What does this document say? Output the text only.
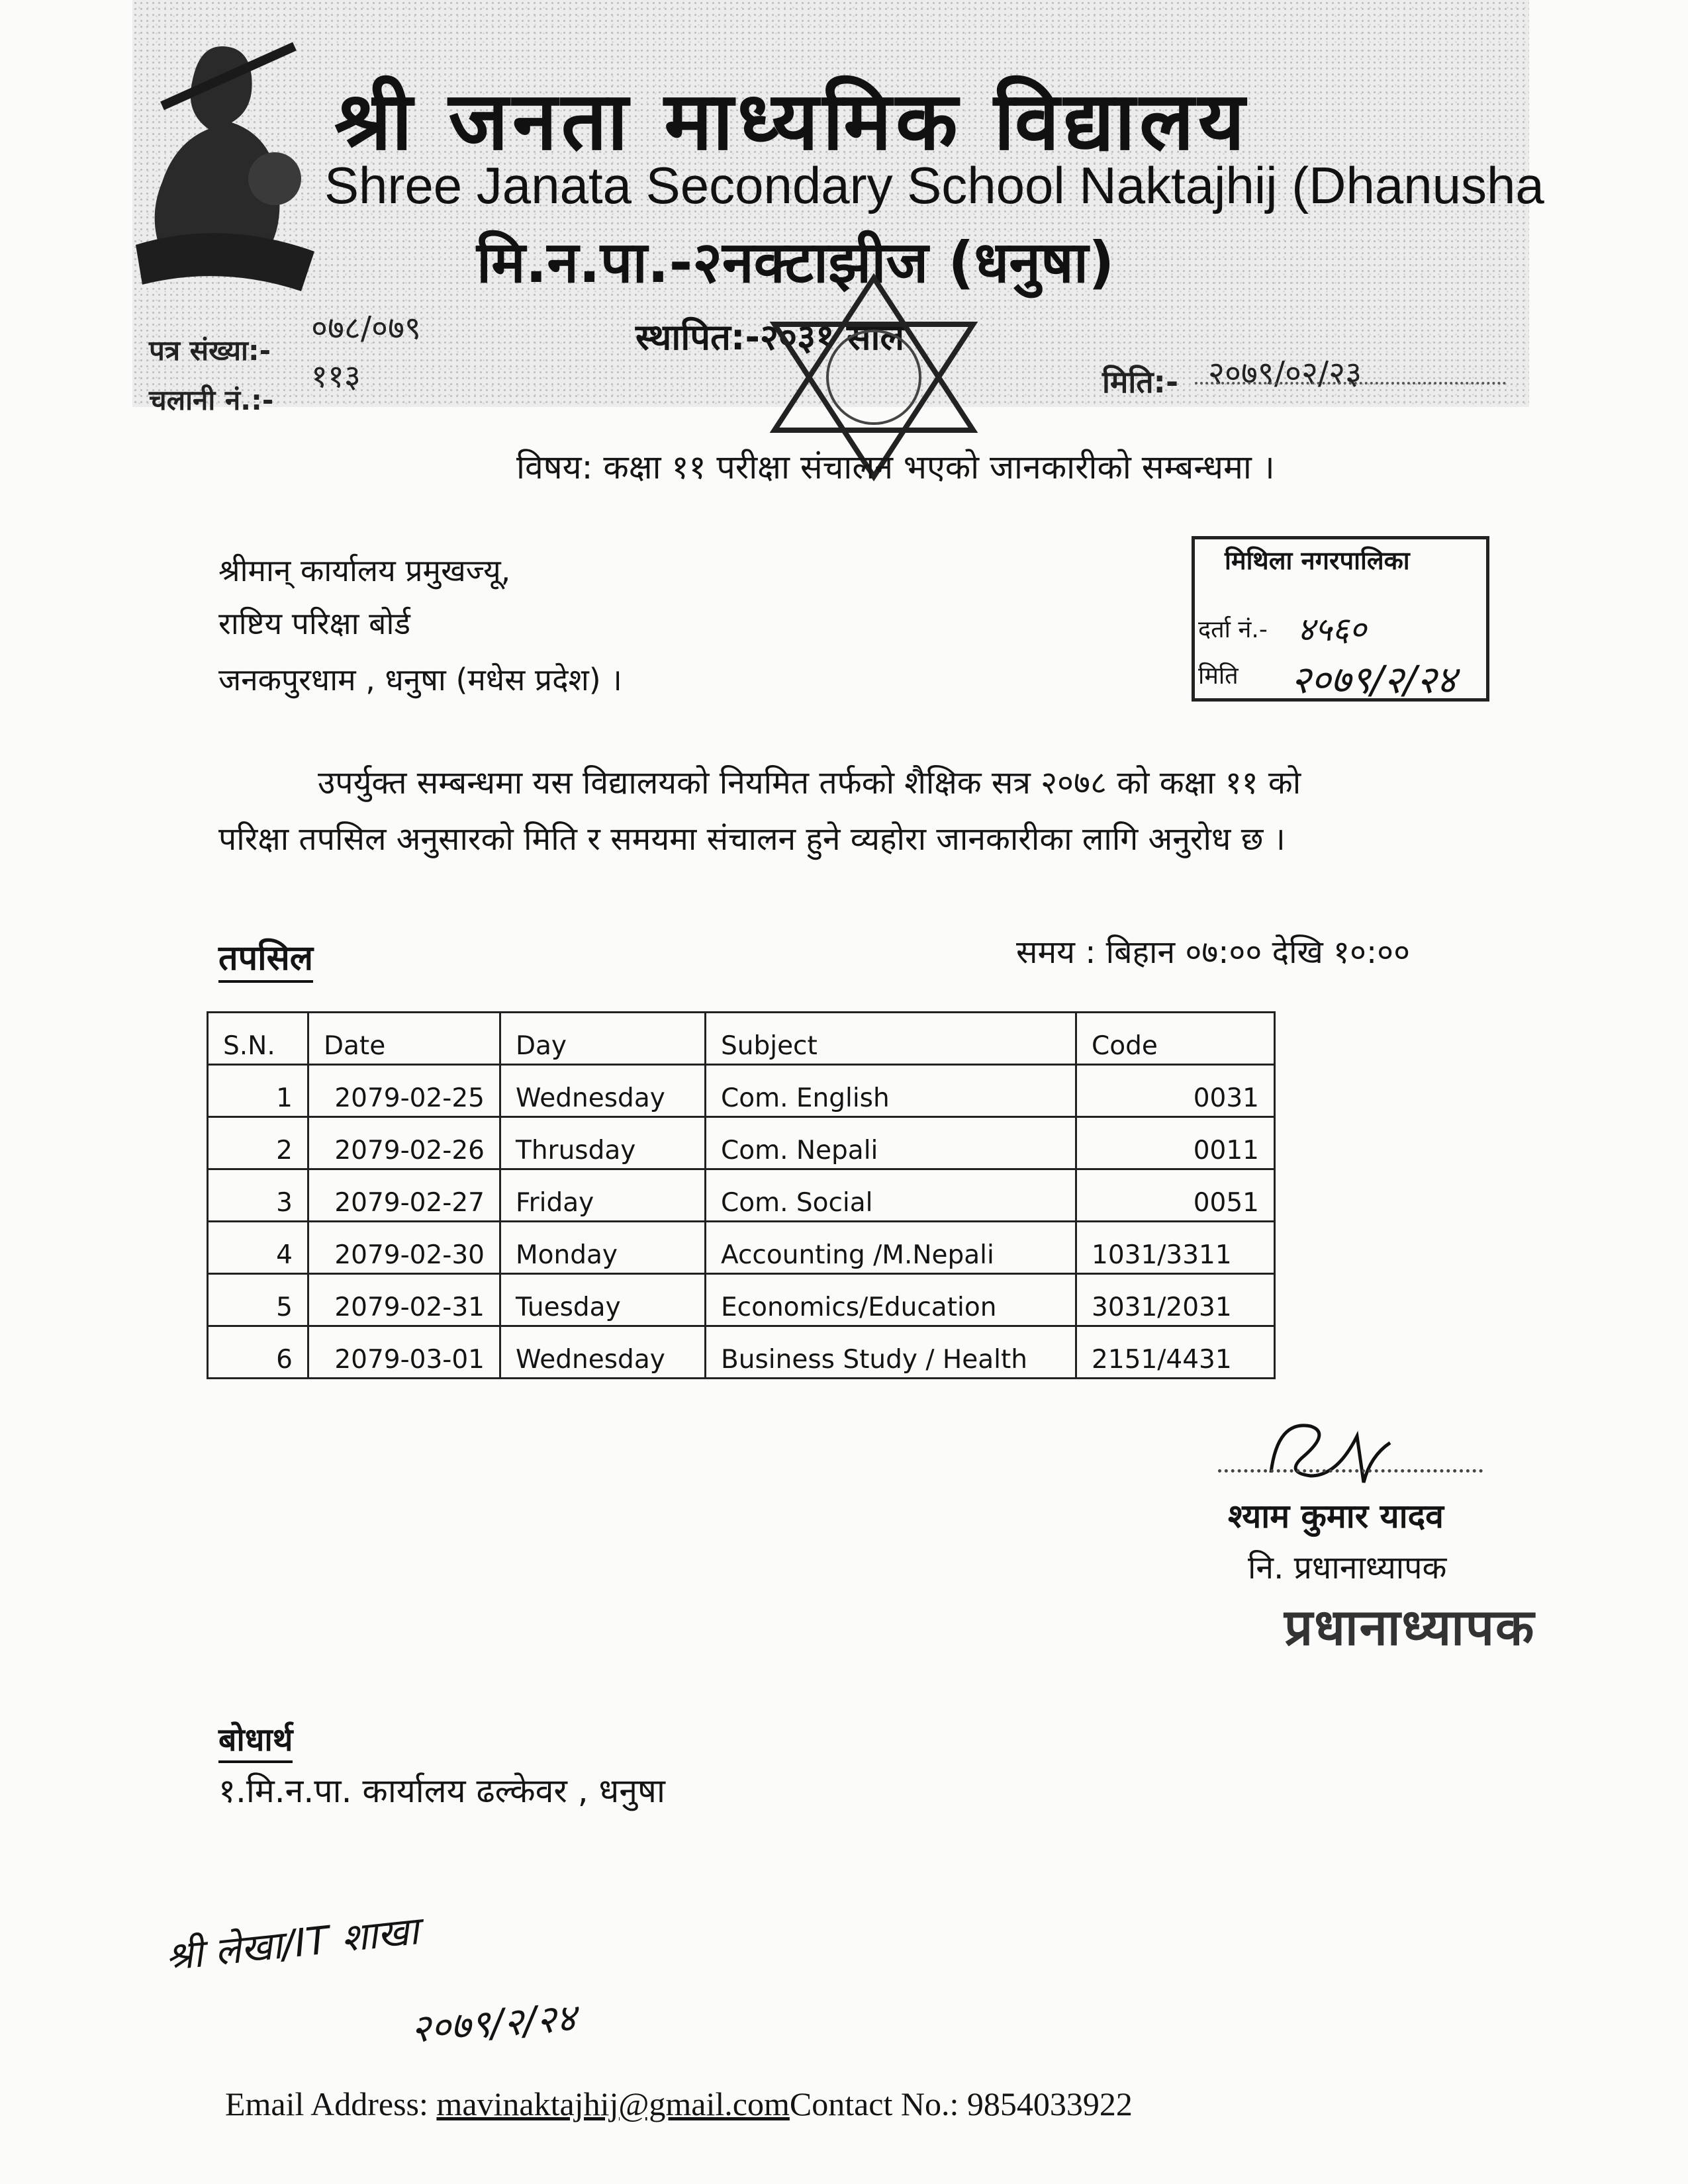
श्री जनता माध्यमिक विद्यालय
Shree Janata Secondary School Naktajhij (Dhanusha
मि.न.पा.-२नक्टाझीज (धनुषा)
पत्र संख्या:-
०७८/०७९
चलानी नं.:-
११३
स्थापित:-२०३१ साल
मिति:- २०७९/०२/२३
विषय: कक्षा ११ परीक्षा संचालन भएको जानकारीको सम्बन्धमा ।
श्रीमान् कार्यालय प्रमुखज्यू,
राष्टिय परिक्षा बोर्ड
जनकपुरधाम , धनुषा (मधेस प्रदेश) ।
मिथिला नगरपालिका
दर्ता नं.- ४५६०
मिति २०७९/२/२४
उपर्युक्त सम्बन्धमा यस विद्यालयको नियमित तर्फको शैक्षिक सत्र २०७८ को कक्षा ११ को
परिक्षा तपसिल अनुसारको मिति र समयमा संचालन हुने व्यहोरा जानकारीका लागि अनुरोध छ ।
तपसिल	समय : बिहान ०७:०० देखि १०:००
S.N.	Date	Day	Subject	Code
1	2079-02-25	Wednesday	Com. English	0031
2	2079-02-26	Thrusday	Com. Nepali	0011
3	2079-02-27	Friday	Com. Social	0051
4	2079-02-30	Monday	Accounting /M.Nepali	1031/3311
5	2079-02-31	Tuesday	Economics/Education	3031/2031
6	2079-03-01	Wednesday	Business Study / Health	2151/4431
श्याम कुमार यादव
नि. प्रधानाध्यापक
प्रधानाध्यापक
बोधार्थ
१.मि.न.पा. कार्यालय ढल्केवर , धनुषा
श्री लेखा/IT शाखा
२०७९/२/२४
Email Address: mavinaktajhij@gmail.comContact No.: 9854033922
